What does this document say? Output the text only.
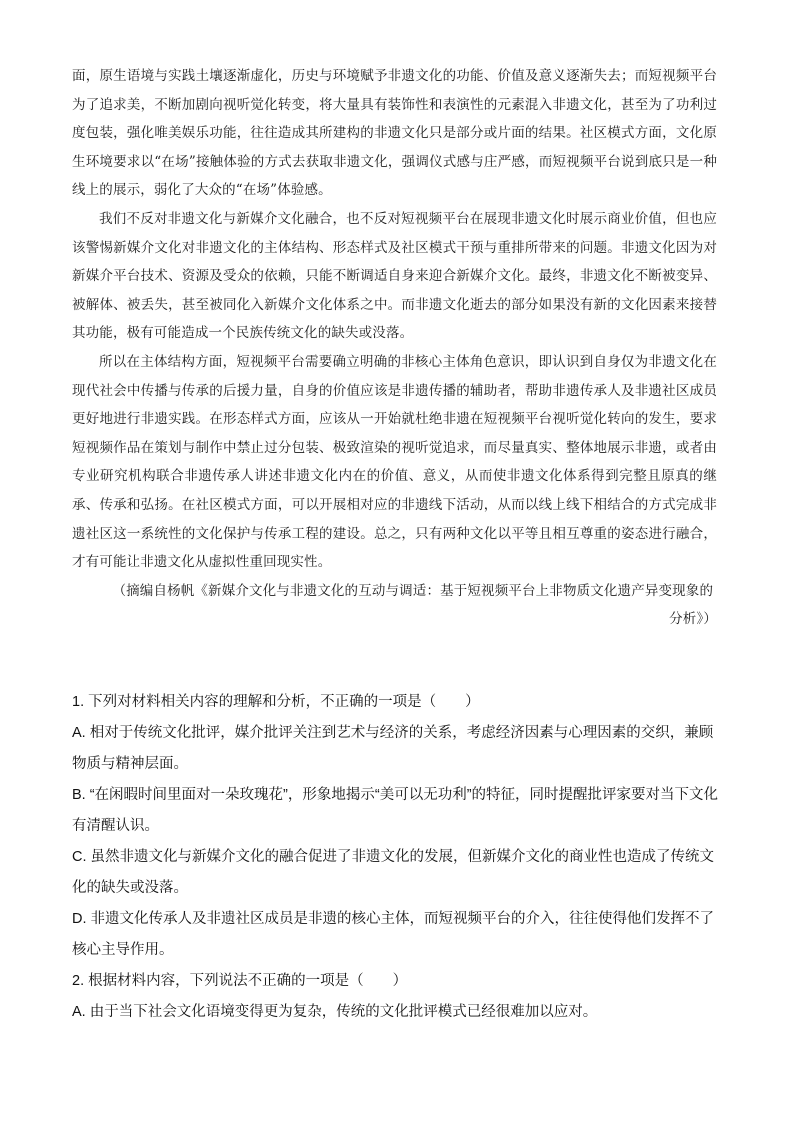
面，原生语境与实践土壤逐渐虚化，历史与环境赋予非遗文化的功能、价值及意义逐渐失去；而短视频平台为了追求美，不断加剧向视听觉化转变，将大量具有装饰性和表演性的元素混入非遗文化，甚至为了功利过度包装，强化唯美娱乐功能，往往造成其所建构的非遗文化只是部分或片面的结果。社区模式方面，文化原生环境要求以“在场”接触体验的方式去获取非遗文化，强调仪式感与庄严感，而短视频平台说到底只是一种线上的展示，弱化了大众的“在场”体验感。

我们不反对非遗文化与新媒介文化融合，也不反对短视频平台在展现非遗文化时展示商业价值，但也应该警惕新媒介文化对非遗文化的主体结构、形态样式及社区模式干预与重排所带来的问题。非遗文化因为对新媒介平台技术、资源及受众的依赖，只能不断调适自身来迎合新媒介文化。最终，非遗文化不断被变异、被解体、被丢失，甚至被同化入新媒介文化体系之中。而非遗文化逝去的部分如果没有新的文化因素来接替其功能，极有可能造成一个民族传统文化的缺失或没落。

所以在主体结构方面，短视频平台需要确立明确的非核心主体角色意识，即认识到自身仅为非遗文化在现代社会中传播与传承的后援力量，自身的价值应该是非遗传播的辅助者，帮助非遗传承人及非遗社区成员更好地进行非遗实践。在形态样式方面，应该从一开始就杜绝非遗在短视频平台视听觉化转向的发生，要求短视频作品在策划与制作中禁止过分包装、极致渲染的视听觉追求，而尽量真实、整体地展示非遗，或者由专业研究机构联合非遗传承人讲述非遗文化内在的价值、意义，从而使非遗文化体系得到完整且原真的继承、传承和弘扬。在社区模式方面，可以开展相对应的非遗线下活动，从而以线上线下相结合的方式完成非遗社区这一系统性的文化保护与传承工程的建设。总之，只有两种文化以平等且相互尊重的姿态进行融合，才有可能让非遗文化从虚拟性重回现实性。

（摘编自杨帆《新媒介文化与非遗文化的互动与调适：基于短视频平台上非物质文化遗产异变现象的

分析》）

1. 下列对材料相关内容的理解和分析，不正确的一项是（　　）

A. 相对于传统文化批评，媒介批评关注到艺术与经济的关系，考虑经济因素与心理因素的交织，兼顾物质与精神层面。

B. “在闲暇时间里面对一朵玫瑰花”，形象地揭示“美可以无功利”的特征，同时提醒批评家要对当下文化有清醒认识。

C. 虽然非遗文化与新媒介文化的融合促进了非遗文化的发展，但新媒介文化的商业性也造成了传统文化的缺失或没落。

D. 非遗文化传承人及非遗社区成员是非遗的核心主体，而短视频平台的介入，往往使得他们发挥不了核心主导作用。

2. 根据材料内容，下列说法不正确的一项是（　　）

A. 由于当下社会文化语境变得更为复杂，传统的文化批评模式已经很难加以应对。
